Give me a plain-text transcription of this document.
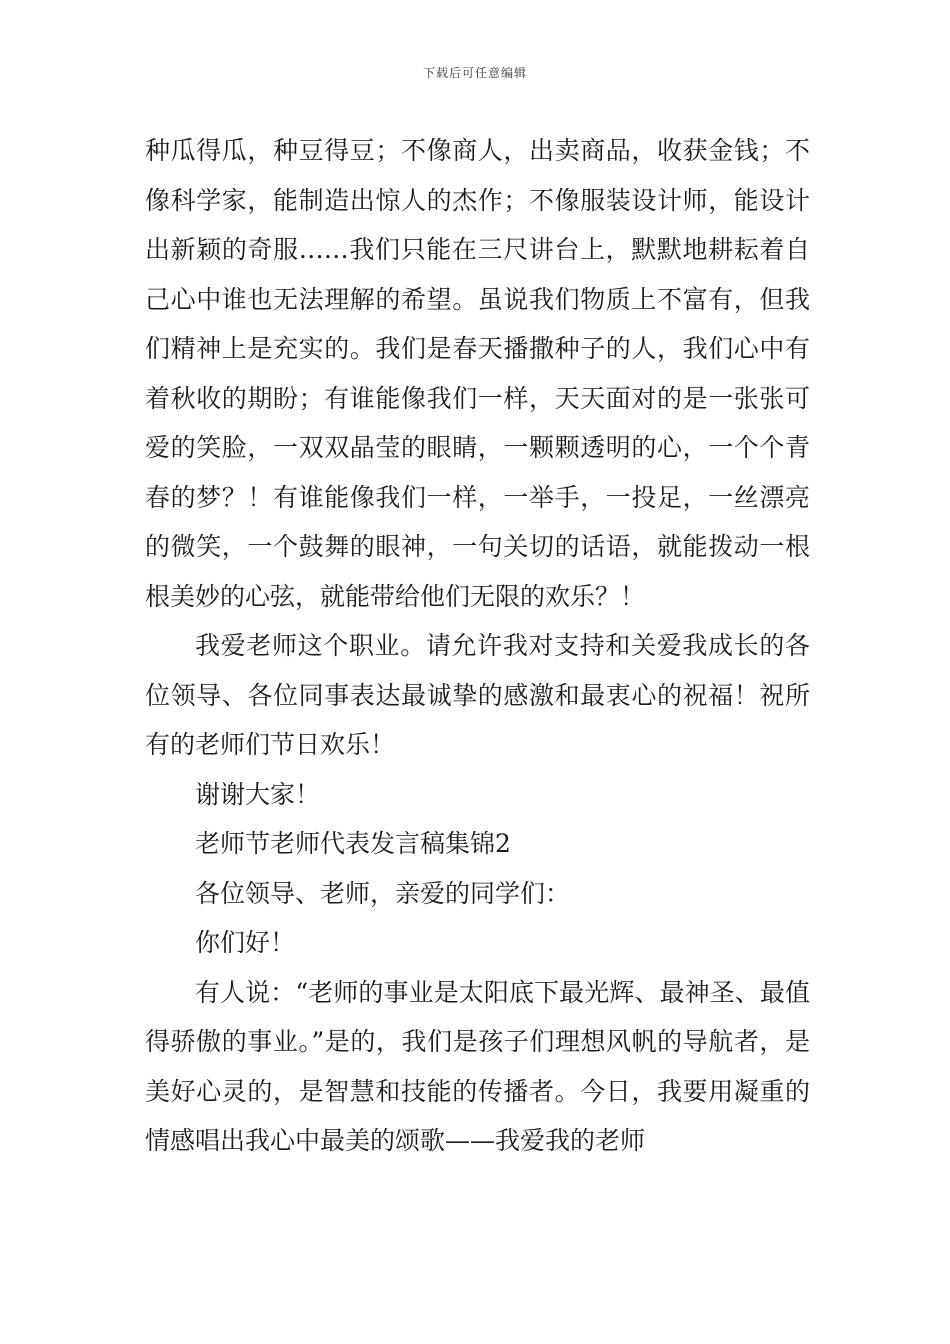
下载后可任意编辑

种瓜得瓜，种豆得豆；不像商人，出卖商品，收获金钱；不像科学家，能制造出惊人的杰作；不像服装设计师，能设计出新颖的奇服……我们只能在三尺讲台上，默默地耕耘着自己心中谁也无法理解的希望。虽说我们物质上不富有，但我们精神上是充实的。我们是春天播撒种子的人，我们心中有着秋收的期盼；有谁能像我们一样，天天面对的是一张张可爱的笑脸，一双双晶莹的眼睛，一颗颗透明的心，一个个青春的梦？！有谁能像我们一样，一举手，一投足，一丝漂亮的微笑，一个鼓舞的眼神，一句关切的话语，就能拨动一根根美妙的心弦，就能带给他们无限的欢乐？！

我爱老师这个职业。请允许我对支持和关爱我成长的各位领导、各位同事表达最诚挚的感激和最衷心的祝福！祝所有的老师们节日欢乐！

谢谢大家！

老师节老师代表发言稿集锦2

各位领导、老师，亲爱的同学们：

你们好！

有人说：“老师的事业是太阳底下最光辉、最神圣、最值得骄傲的事业。”是的，我们是孩子们理想风帆的导航者，是美好心灵的，是智慧和技能的传播者。今日，我要用凝重的情感唱出我心中最美的颂歌——我爱我的老师
